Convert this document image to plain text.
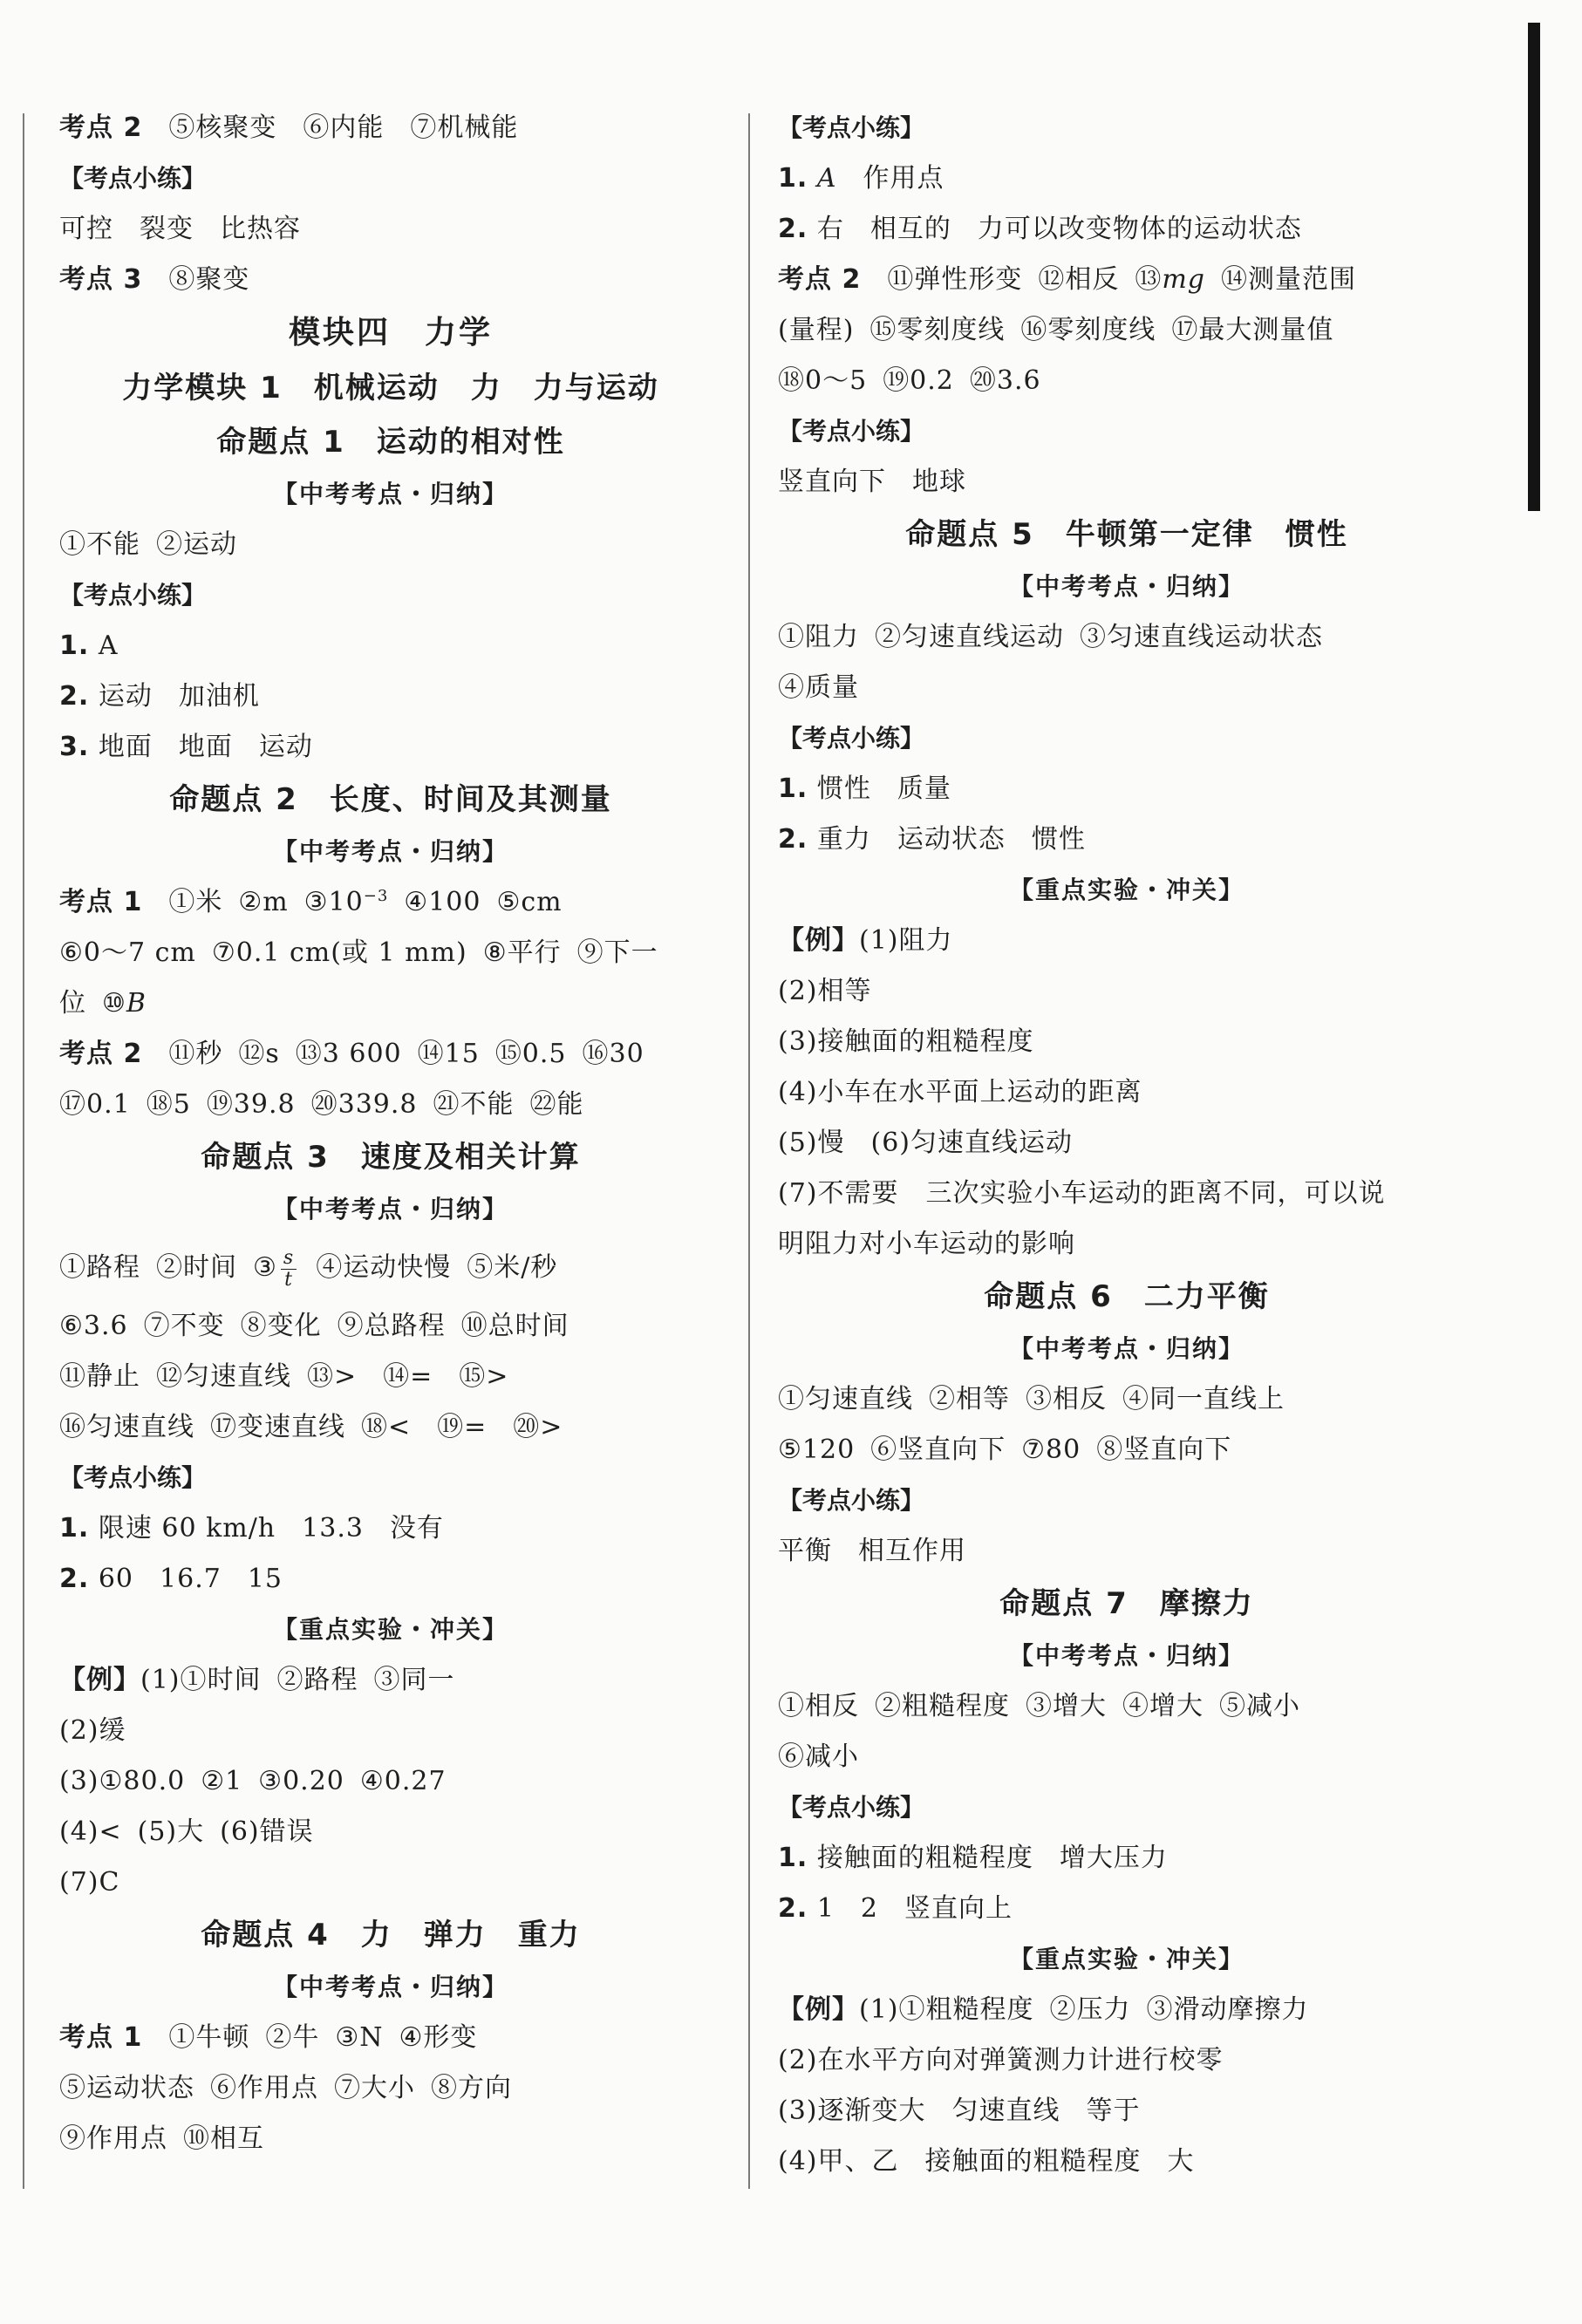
考点 2 ⑤核聚变 ⑥内能 ⑦机械能
【考点小练】
可控 裂变 比热容
考点 3 ⑧聚变
模块四　力学
力学模块 1　机械运动　力　力与运动
命题点 1　运动的相对性
【中考考点・归纳】
①不能 ②运动
【考点小练】
1. A
2. 运动 加油机
3. 地面 地面 运动
命题点 2　长度、时间及其测量
【中考考点・归纳】
考点 1 ①米 ②m $③10^{-3}$ ④100 ⑤cm
⑥0～7 cm ⑦0.1 cm(或 1 mm) ⑧平行 ⑨下一
位 ⑩B
考点 2 ⑪秒 ⑫s ⑬3 600 ⑭15 ⑮0.5 ⑯30
⑰0.1 ⑱5 ⑲39.8 ⑳339.8 ㉑不能 ㉒能
命题点 3　速度及相关计算
【中考考点・归纳】
①路程 ②时间 ③ $\frac{s}{t}$ ④运动快慢 ⑤米/秒
⑥3.6 ⑦不变 ⑧变化 ⑨总路程 ⑩总时间
⑪静止 ⑫匀速直线 ⑬> ⑭= ⑮>
⑯匀速直线 ⑰变速直线 ⑱< ⑲= ⑳>
【考点小练】
1. 限速 60 km/h 13.3 没有
2. 60 16.7 15
【重点实验・冲关】
【例】(1)①时间 ②路程 ③同一
(2)缓
(3)①80.0 ②1 ③0.20 ④0.27
(4)< (5)大 (6)错误
(7)C
命题点 4　力　弹力　重力
【中考考点・归纳】
考点 1 ①牛顿 ②牛 ③N ④形变
⑤运动状态 ⑥作用点 ⑦大小 ⑧方向
⑨作用点 ⑩相互
【考点小练】
1. A 作用点
2. 右 相互的 力可以改变物体的运动状态
考点 2 ⑪弹性形变 ⑫相反 ⑬mg ⑭测量范围
(量程) ⑮零刻度线 ⑯零刻度线 ⑰最大测量值
⑱0～5 ⑲0.2 ⑳3.6
【考点小练】
竖直向下 地球
命题点 5　牛顿第一定律　惯性
【中考考点・归纳】
①阻力 ②匀速直线运动 ③匀速直线运动状态
④质量
【考点小练】
1. 惯性 质量
2. 重力 运动状态 惯性
【重点实验・冲关】
【例】(1)阻力
(2)相等
(3)接触面的粗糙程度
(4)小车在水平面上运动的距离
(5)慢 (6)匀速直线运动
(7)不需要　三次实验小车运动的距离不同，可以说
明阻力对小车运动的影响
命题点 6　二力平衡
【中考考点・归纳】
①匀速直线 ②相等 ③相反 ④同一直线上
⑤120 ⑥竖直向下 ⑦80 ⑧竖直向下
【考点小练】
平衡 相互作用
命题点 7　摩擦力
【中考考点・归纳】
①相反 ②粗糙程度 ③增大 ④增大 ⑤减小
⑥减小
【考点小练】
1. 接触面的粗糙程度 增大压力
2. 1 2 竖直向上
【重点实验・冲关】
【例】(1)①粗糙程度 ②压力 ③滑动摩擦力
(2)在水平方向对弹簧测力计进行校零
(3)逐渐变大 匀速直线 等于
(4)甲、乙 接触面的粗糙程度 大
